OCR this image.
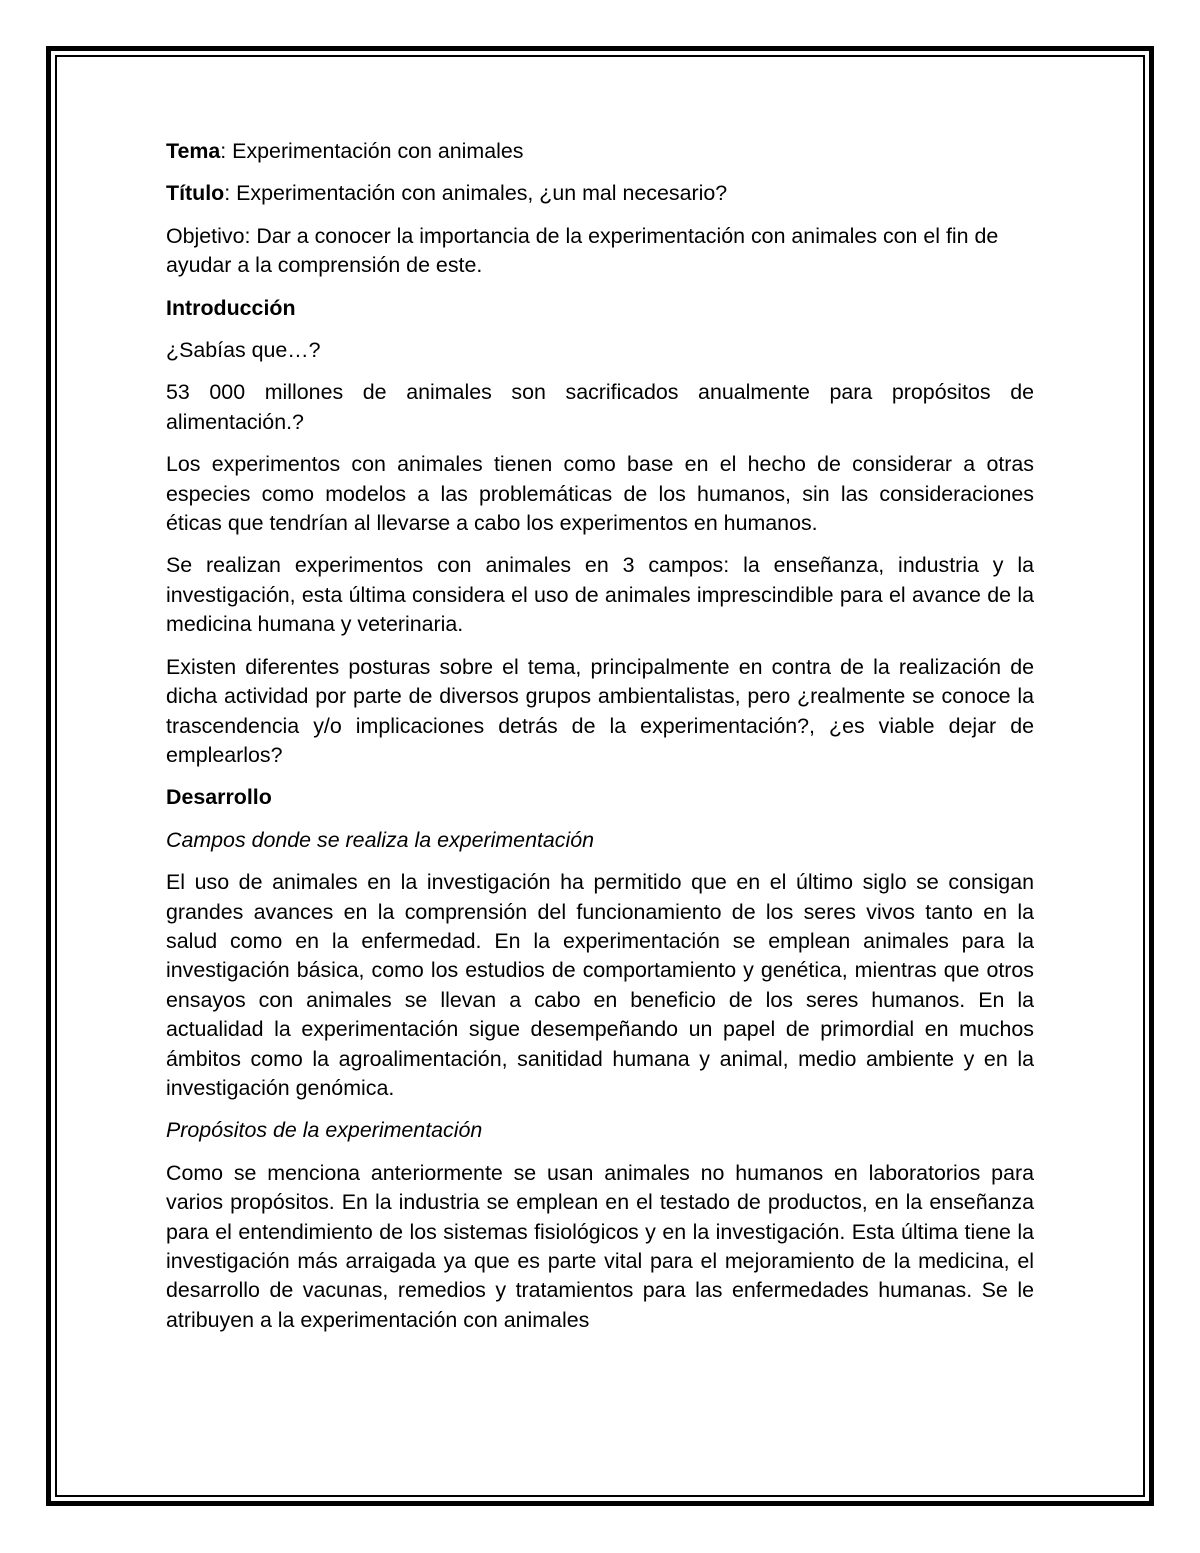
Tema: Experimentación con animales

Título: Experimentación con animales, ¿un mal necesario?

Objetivo: Dar a conocer la importancia de la experimentación con animales con el fin de ayudar a la comprensión de este.

Introducción

¿Sabías que…?

53 000 millones de animales son sacrificados anualmente para propósitos de alimentación.?

Los experimentos con animales tienen como base en el hecho de considerar a otras especies como modelos a las problemáticas de los humanos, sin las consideraciones éticas que tendrían al llevarse a cabo los experimentos en humanos.

Se realizan experimentos con animales en 3 campos: la enseñanza, industria y la investigación, esta última considera el uso de animales imprescindible para el avance de la medicina humana y veterinaria.

Existen diferentes posturas sobre el tema, principalmente en contra de la realización de dicha actividad por parte de diversos grupos ambientalistas, pero ¿realmente se conoce la trascendencia y/o implicaciones detrás de la experimentación?, ¿es viable dejar de emplearlos?

Desarrollo

Campos donde se realiza la experimentación

El uso de animales en la investigación ha permitido que en el último siglo se consigan grandes avances en la comprensión del funcionamiento de los seres vivos tanto en la salud como en la enfermedad. En la experimentación se emplean animales para la investigación básica, como los estudios de comportamiento y genética, mientras que otros ensayos con animales se llevan a cabo en beneficio de los seres humanos. En la actualidad la experimentación sigue desempeñando un papel de primordial en muchos ámbitos como la agroalimentación, sanitidad humana y animal, medio ambiente y en la investigación genómica.

Propósitos de la experimentación

Como se menciona anteriormente se usan animales no humanos en laboratorios para varios propósitos. En la industria se emplean en el testado de productos, en la enseñanza para el entendimiento de los sistemas fisiológicos y en la investigación. Esta última tiene la investigación más arraigada ya que es parte vital para el mejoramiento de la medicina, el desarrollo de vacunas, remedios y tratamientos para las enfermedades humanas. Se le atribuyen a la experimentación con animales
